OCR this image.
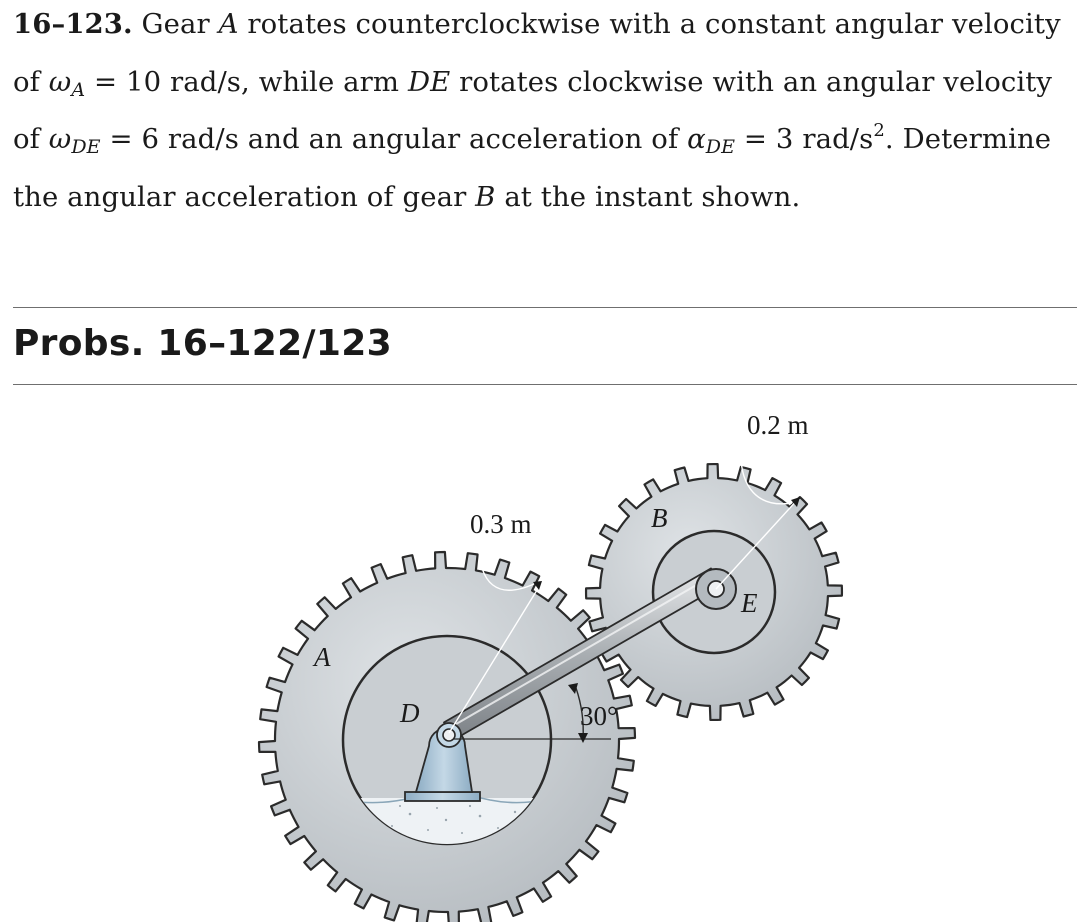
16–123. Gear A rotates counterclockwise with a constant angular velocity of $\omega_A = 10$ rad/s, while arm DE rotates clockwise with an angular velocity of $\omega_{DE} = 6$ rad/s and an angular acceleration of $\alpha_{DE} = 3$ rad/$s^2$. Determine the angular acceleration of gear B at the instant shown.
Probs. 16–122/123
A
B
D
E
0.3 m
0.2 m
30°
